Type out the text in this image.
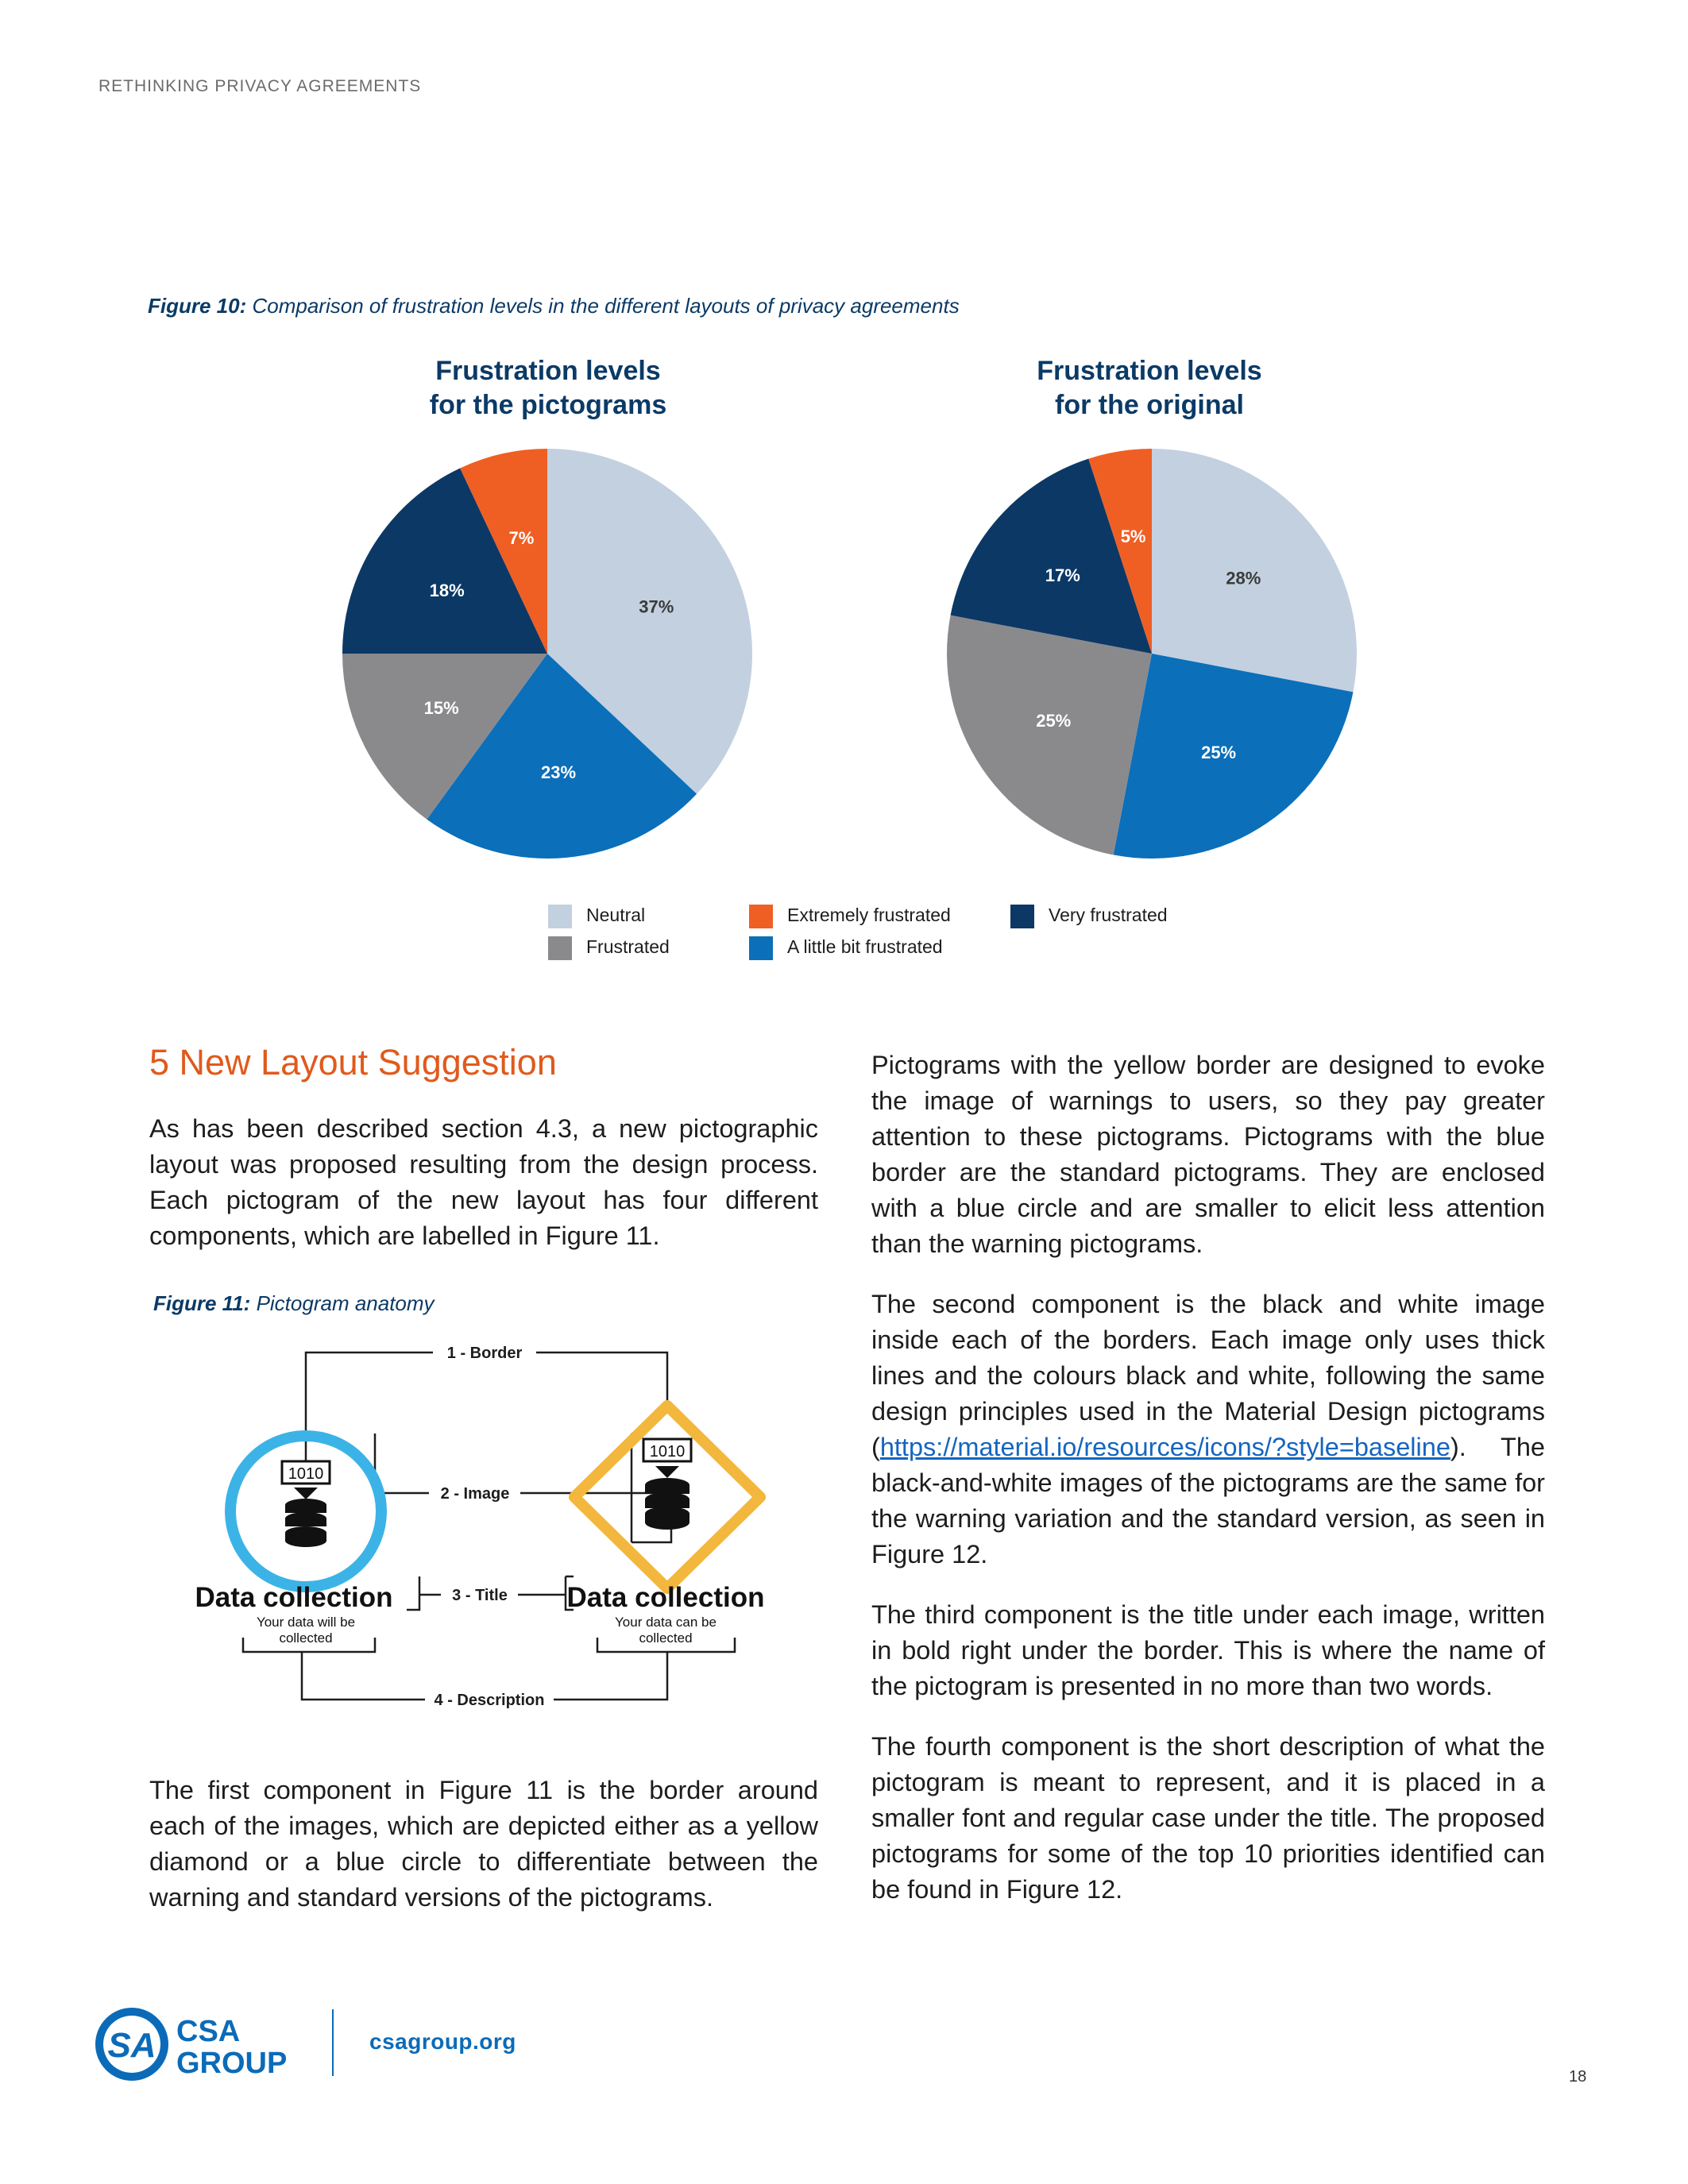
RETHINKING PRIVACY AGREEMENTS
Figure 10: Comparison of frustration levels in the different layouts of privacy agreements
Frustration levels
for the pictograms
Frustration levels
for the original
37%
23%
15%
18%
7%
28%
25%
25%
17%
5%
Neutral
Frustrated
Extremely frustrated
A little bit frustrated
Very frustrated
5 New Layout Suggestion

As has been described section 4.3, a new pictographic layout was proposed resulting from the design process. Each pictogram of the new layout has four different components, which are labelled in Figure 11.

Figure 11: Pictogram anatomy
1 - Border
2 - Image
3 - Title
4 - Description
1010
Data collection
Your data will be
collected
1010
Data collection
Your data can be
collected

The first component in Figure 11 is the border around each of the images, which are depicted either as a yellow diamond or a blue circle to differentiate between the warning and standard versions of the pictograms.

Pictograms with the yellow border are designed to evoke the image of warnings to users, so they pay greater attention to these pictograms. Pictograms with the blue border are the standard pictograms. They are enclosed with a blue circle and are smaller to elicit less attention than the warning pictograms.

The second component is the black and white image inside each of the borders. Each image only uses thick lines and the colours black and white, following the same design principles used in the Material Design pictograms (https://material.io/resources/icons/?style=baseline). The black-and-white images of the pictograms are the same for the warning variation and the standard version, as seen in Figure 12.

The third component is the title under each image, written in bold right under the border. This is where the name of the pictogram is presented in no more than two words.

The fourth component is the short description of what the pictogram is meant to represent, and it is placed in a smaller font and regular case under the title. The proposed pictograms for some of the top 10 priorities identified can be found in Figure 12.

SA CSA
GROUP
csagroup.org
18
